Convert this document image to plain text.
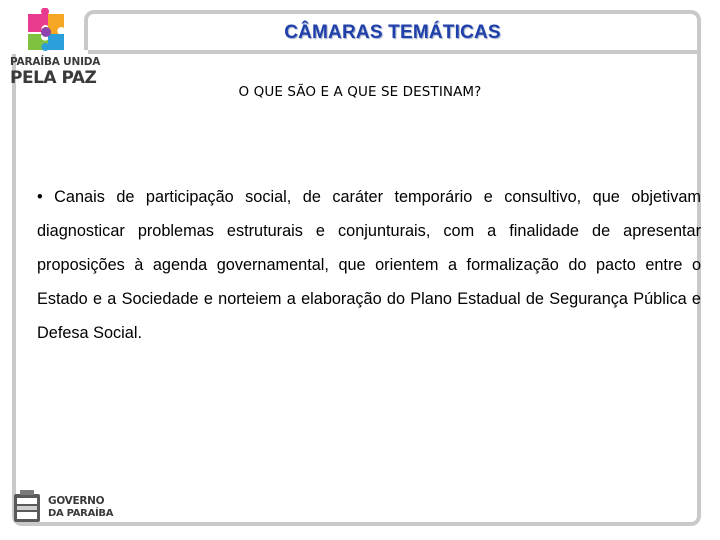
CÂMARAS TEMÁTICAS
PARAÍBA UNIDA
PELA PAZ
O QUE SÃO E A QUE SE DESTINAM?
• Canais de participação social, de caráter temporário e consultivo, que objetivam diagnosticar problemas estruturais e conjunturais, com a finalidade de apresentar proposições à agenda governamental, que orientem a formalização do pacto entre o Estado e a Sociedade e norteiem a elaboração do Plano Estadual de Segurança Pública e Defesa Social.
GOVERNO
DA PARAÍBA
